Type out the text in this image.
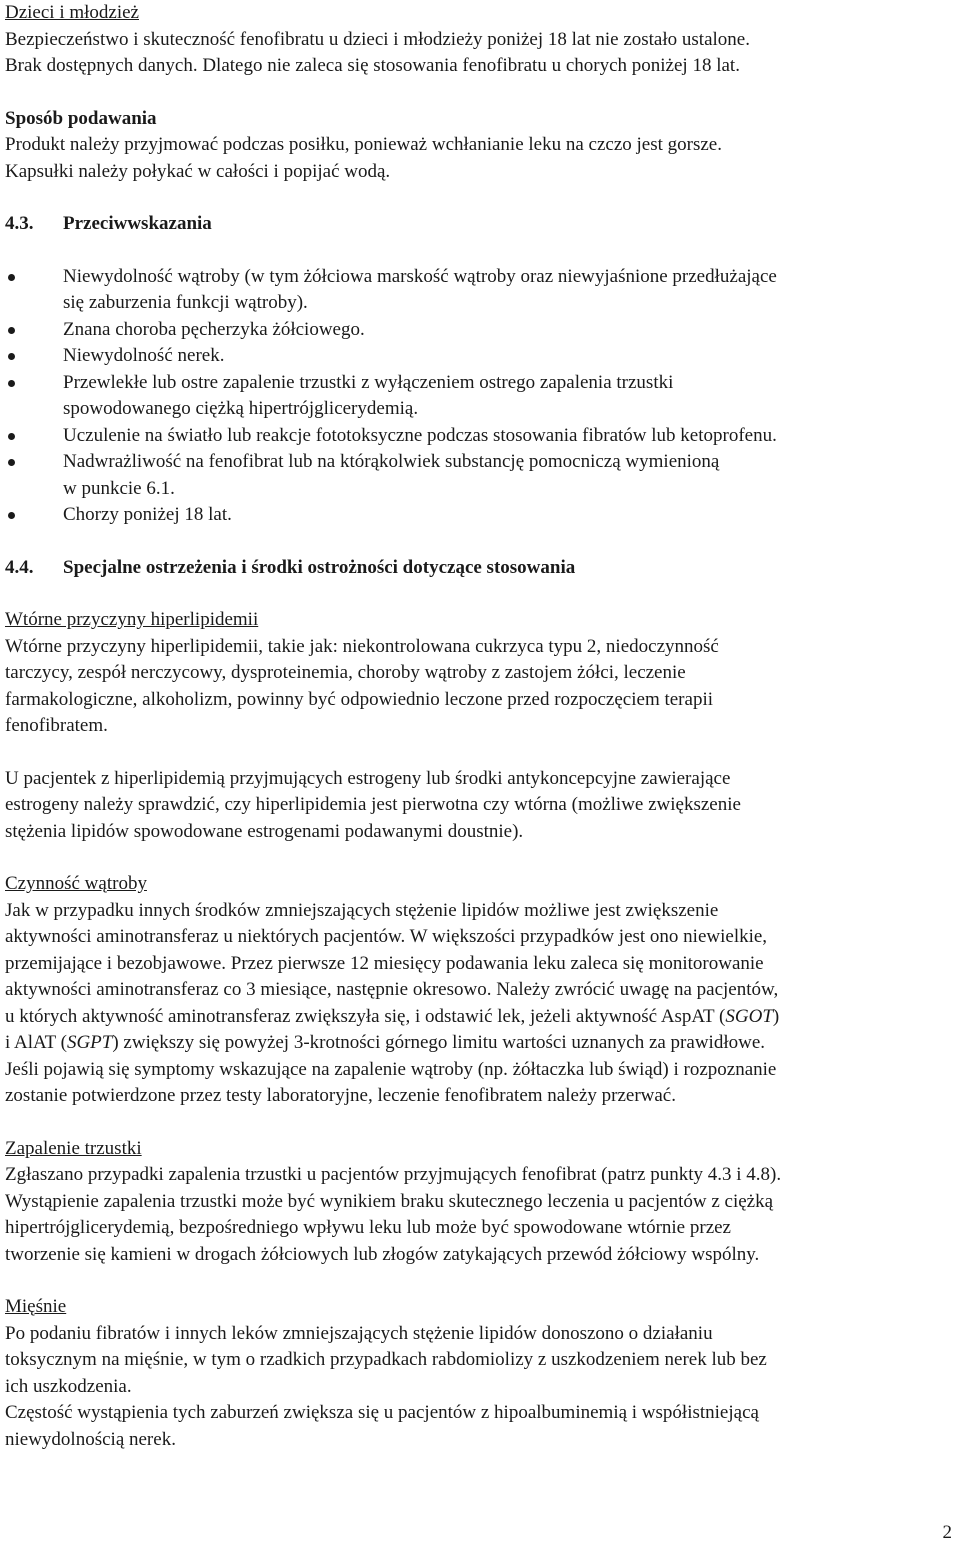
Dzieci i młodzież
Bezpieczeństwo i skuteczność fenofibratu u dzieci i młodzieży poniżej 18 lat nie zostało ustalone.
Brak dostępnych danych. Dlatego nie zaleca się stosowania fenofibratu u chorych poniżej 18 lat.
Sposób podawania
Produkt należy przyjmować podczas posiłku, ponieważ wchłanianie leku na czczo jest gorsze.
Kapsułki należy połykać w całości i popijać wodą.
4.3.	Przeciwwskazania
Niewydolność wątroby (w tym żółciowa marskość wątroby oraz niewyjaśnione przedłużające
się zaburzenia funkcji wątroby).
Znana choroba pęcherzyka żółciowego.
Niewydolność nerek.
Przewlekłe lub ostre zapalenie trzustki z wyłączeniem ostrego zapalenia trzustki
spowodowanego ciężką hipertrójglicerydemią.
Uczulenie na światło lub reakcje fototoksyczne podczas stosowania fibratów lub ketoprofenu.
Nadwrażliwość na fenofibrat lub na którąkolwiek substancję pomocniczą wymienioną
w punkcie 6.1.
Chorzy poniżej 18 lat.
4.4.	Specjalne ostrzeżenia i środki ostrożności dotyczące stosowania
Wtórne przyczyny hiperlipidemii
Wtórne przyczyny hiperlipidemii, takie jak: niekontrolowana cukrzyca typu 2, niedoczynność
tarczycy, zespół nerczycowy, dysproteinemia, choroby wątroby z zastojem żółci, leczenie
farmakologiczne, alkoholizm, powinny być odpowiednio leczone przed rozpoczęciem terapii
fenofibratem.
U pacjentek z hiperlipidemią przyjmujących estrogeny lub środki antykoncepcyjne zawierające
estrogeny należy sprawdzić, czy hiperlipidemia jest pierwotna czy wtórna (możliwe zwiększenie
stężenia lipidów spowodowane estrogenami podawanymi doustnie).
Czynność wątroby
Jak w przypadku innych środków zmniejszających stężenie lipidów możliwe jest zwiększenie
aktywności aminotransferaz u niektórych pacjentów. W większości przypadków jest ono niewielkie,
przemijające i bezobjawowe. Przez pierwsze 12 miesięcy podawania leku zaleca się monitorowanie
aktywności aminotransferaz co 3 miesiące, następnie okresowo. Należy zwrócić uwagę na pacjentów,
u których aktywność aminotransferaz zwiększyła się, i odstawić lek, jeżeli aktywność AspAT (SGOT)
i AlAT (SGPT) zwiększy się powyżej 3-krotności górnego limitu wartości uznanych za prawidłowe.
Jeśli pojawią się symptomy wskazujące na zapalenie wątroby (np. żółtaczka lub świąd) i rozpoznanie
zostanie potwierdzone przez testy laboratoryjne, leczenie fenofibratem należy przerwać.
Zapalenie trzustki
Zgłaszano przypadki zapalenia trzustki u pacjentów przyjmujących fenofibrat (patrz punkty 4.3 i 4.8).
Wystąpienie zapalenia trzustki może być wynikiem braku skutecznego leczenia u pacjentów z ciężką
hipertrójglicerydemią, bezpośredniego wpływu leku lub może być spowodowane wtórnie przez
tworzenie się kamieni w drogach żółciowych lub złogów zatykających przewód żółciowy wspólny.
Mięśnie
Po podaniu fibratów i innych leków zmniejszających stężenie lipidów donoszono o działaniu
toksycznym na mięśnie, w tym o rzadkich przypadkach rabdomiolizy z uszkodzeniem nerek lub bez
ich uszkodzenia.
Częstość wystąpienia tych zaburzeń zwiększa się u pacjentów z hipoalbuminemią i współistniejącą
niewydolnością nerek.
2
